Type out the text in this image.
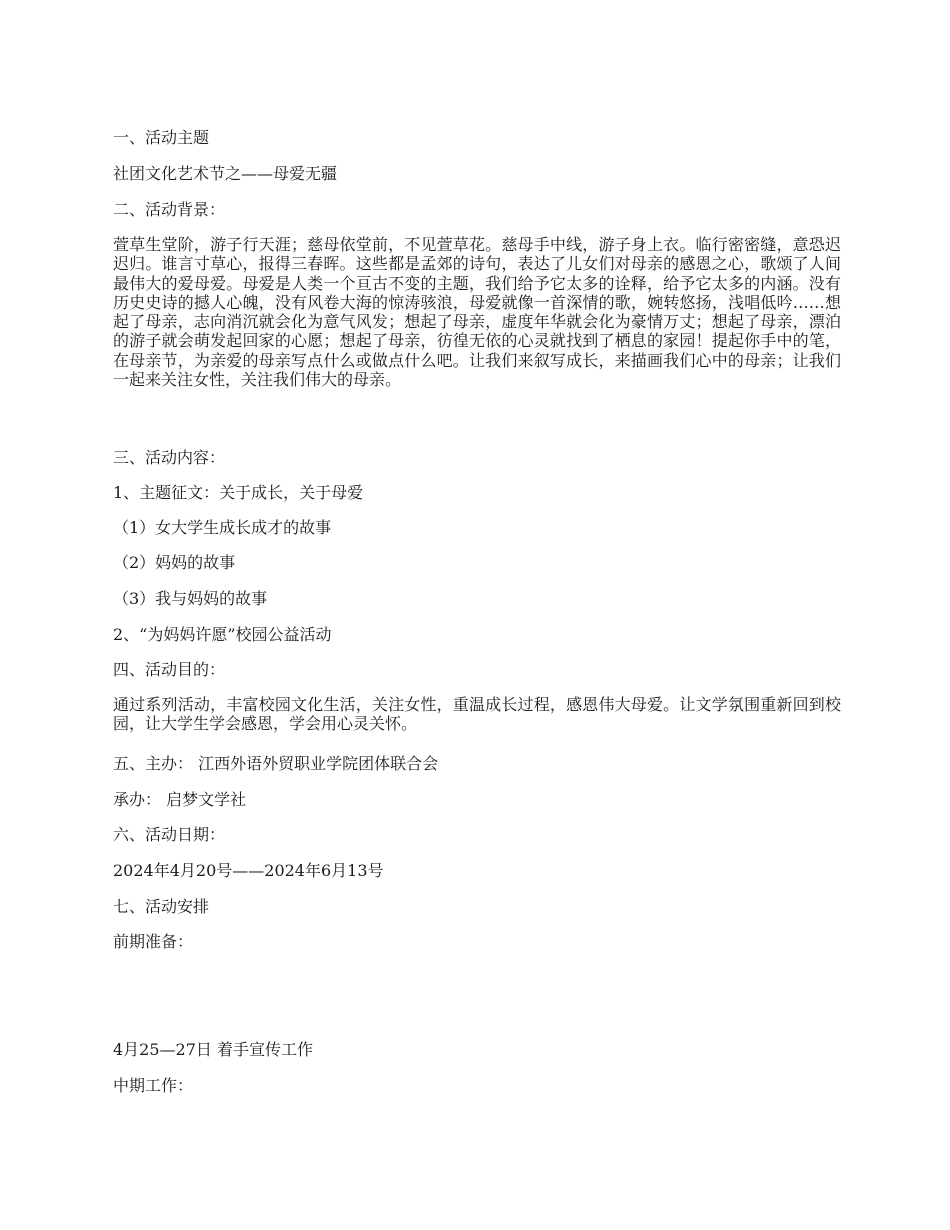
一、活动主题
社团文化艺术节之——母爱无疆
二、活动背景：
萱草生堂阶，游子行天涯；慈母依堂前，不见萱草花。慈母手中线，游子身上衣。临行密密缝，意恐迟迟归。谁言寸草心，报得三春晖。这些都是孟郊的诗句，表达了儿女们对母亲的感恩之心，歌颂了人间最伟大的爱母爱。母爱是人类一个亘古不变的主题，我们给予它太多的诠释，给予它太多的内涵。没有历史史诗的撼人心魄，没有风卷大海的惊涛骇浪，母爱就像一首深情的歌，婉转悠扬，浅唱低吟……想起了母亲，志向消沉就会化为意气风发；想起了母亲，虚度年华就会化为豪情万丈；想起了母亲，漂泊的游子就会萌发起回家的心愿；想起了母亲，彷徨无依的心灵就找到了栖息的家园！提起你手中的笔，在母亲节，为亲爱的母亲写点什么或做点什么吧。让我们来叙写成长，来描画我们心中的母亲；让我们一起来关注女性，关注我们伟大的母亲。
三、活动内容：
1、主题征文：关于成长，关于母爱
（1）女大学生成长成才的故事
（2）妈妈的故事
（3）我与妈妈的故事
2、“为妈妈许愿”校园公益活动
四、活动目的：
通过系列活动，丰富校园文化生活，关注女性，重温成长过程，感恩伟大母爱。让文学氛围重新回到校园，让大学生学会感恩，学会用心灵关怀。
五、主办： 江西外语外贸职业学院团体联合会
承办： 启梦文学社
六、活动日期：
2024年4月20号——2024年6月13号
七、活动安排
前期准备：
4月25—27日 着手宣传工作
中期工作：
